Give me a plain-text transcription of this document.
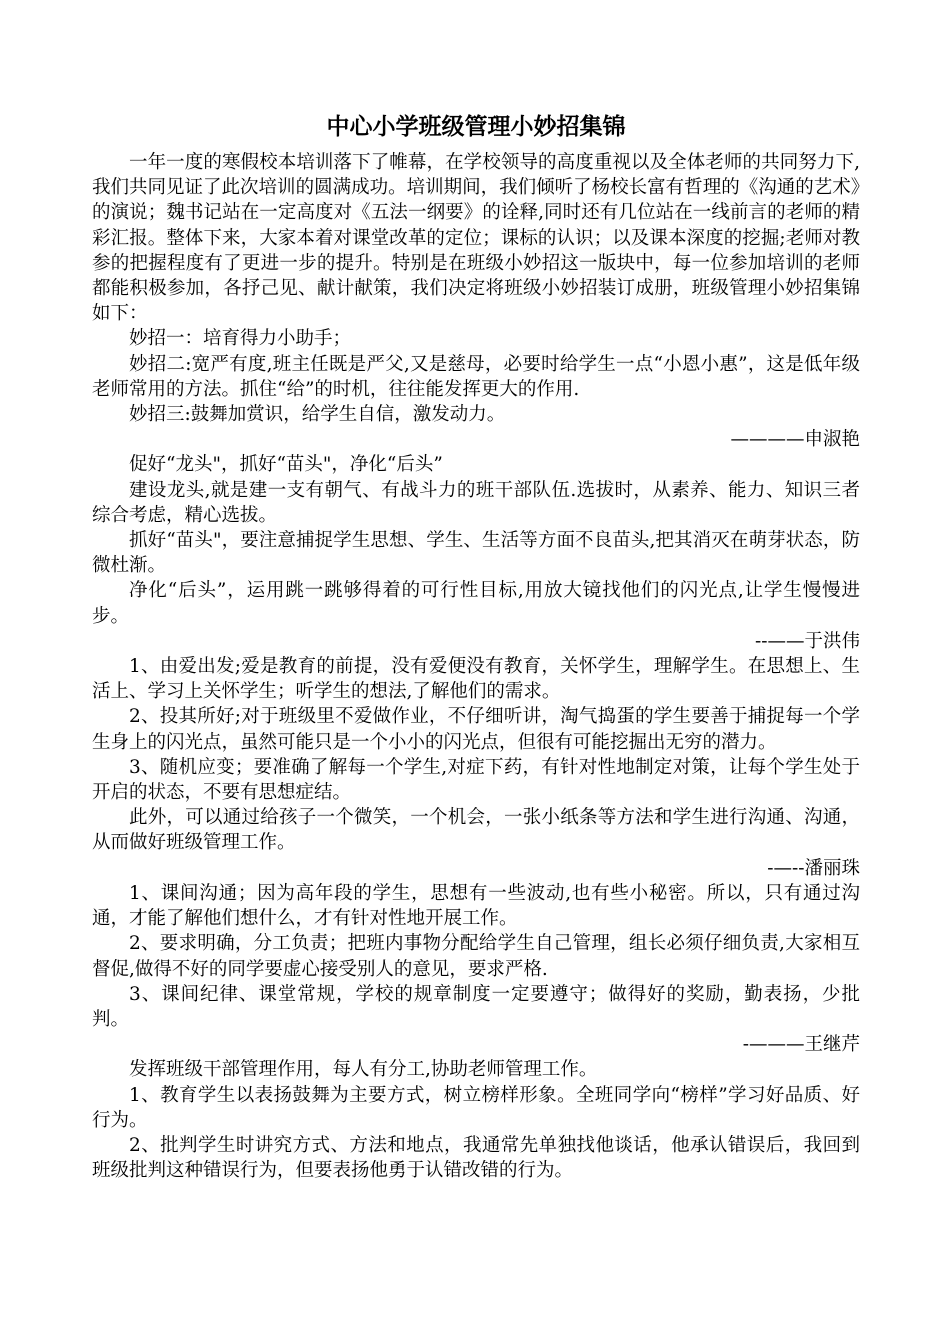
中心小学班级管理小妙招集锦

一年一度的寒假校本培训落下了帷幕，在学校领导的高度重视以及全体老师的共同努力下,我们共同见证了此次培训的圆满成功。培训期间，我们倾听了杨校长富有哲理的《沟通的艺术》的演说；魏书记站在一定高度对《五法一纲要》的诠释,同时还有几位站在一线前言的老师的精彩汇报。整体下来，大家本着对课堂改革的定位；课标的认识；以及课本深度的挖掘;老师对教参的把握程度有了更进一步的提升。特别是在班级小妙招这一版块中，每一位参加培训的老师都能积极参加，各抒己见、献计献策，我们决定将班级小妙招装订成册，班级管理小妙招集锦如下：

妙招一：培育得力小助手；

妙招二:宽严有度,班主任既是严父,又是慈母，必要时给学生一点“小恩小惠”，这是低年级老师常用的方法。抓住“给”的时机，往往能发挥更大的作用.

妙招三:鼓舞加赏识，给学生自信，激发动力。

————申淑艳

促好“龙头"，抓好“苗头"，净化“后头”

建设龙头,就是建一支有朝气、有战斗力的班干部队伍.选拔时，从素养、能力、知识三者综合考虑，精心选拔。

抓好“苗头"，要注意捕捉学生思想、学生、生活等方面不良苗头,把其消灭在萌芽状态，防微杜渐。

净化“后头”，运用跳一跳够得着的可行性目标,用放大镜找他们的闪光点,让学生慢慢进步。

--——于洪伟

1、由爱出发;爱是教育的前提，没有爱便没有教育，关怀学生，理解学生。在思想上、生活上、学习上关怀学生；听学生的想法,了解他们的需求。

2、投其所好;对于班级里不爱做作业，不仔细听讲，淘气捣蛋的学生要善于捕捉每一个学生身上的闪光点，虽然可能只是一个小小的闪光点，但很有可能挖掘出无穷的潜力。

3、随机应变；要准确了解每一个学生,对症下药，有针对性地制定对策，让每个学生处于开启的状态，不要有思想症结。

此外，可以通过给孩子一个微笑，一个机会，一张小纸条等方法和学生进行沟通、沟通，从而做好班级管理工作。

-—--潘丽珠

1、课间沟通；因为高年段的学生，思想有一些波动,也有些小秘密。所以，只有通过沟通，才能了解他们想什么，才有针对性地开展工作。

2、要求明确，分工负责；把班内事物分配给学生自己管理，组长必须仔细负责,大家相互督促,做得不好的同学要虚心接受别人的意见，要求严格.

3、课间纪律、课堂常规，学校的规章制度一定要遵守；做得好的奖励，勤表扬，少批判。

-———王继芹

发挥班级干部管理作用，每人有分工,协助老师管理工作。

1、教育学生以表扬鼓舞为主要方式，树立榜样形象。全班同学向“榜样”学习好品质、好行为。

2、批判学生时讲究方式、方法和地点，我通常先单独找他谈话，他承认错误后，我回到班级批判这种错误行为，但要表扬他勇于认错改错的行为。
